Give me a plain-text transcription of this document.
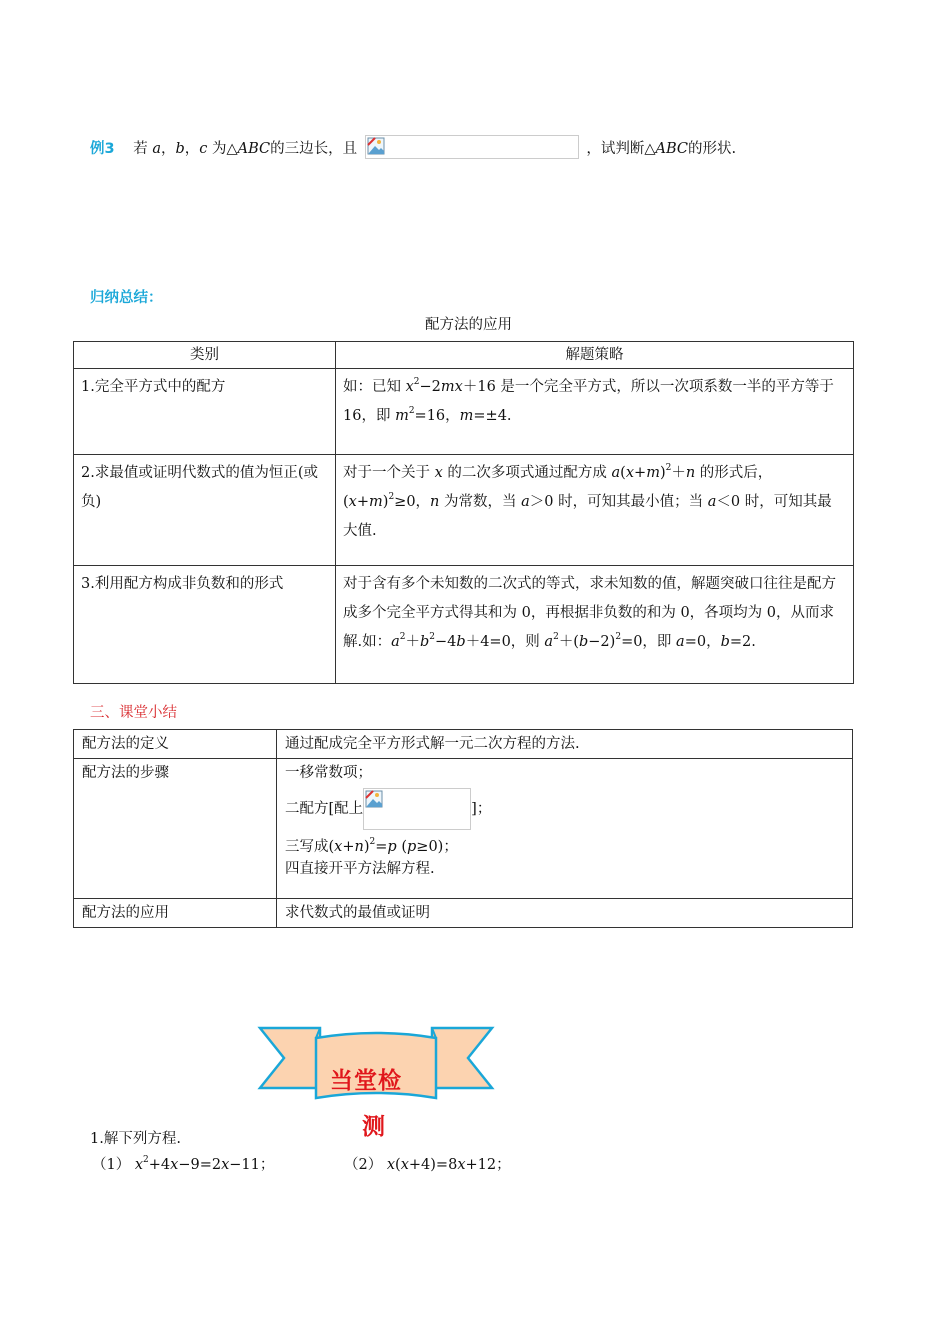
例3 若 a，b，c 为△ABC的三边长，且	，试判断△ABC的形状.
归纳总结：
配方法的应用
类别	解题策略
1.完全平方式中的配方	如：已知 $x^2-2mx+16$ 是一个完全平方式，所以一次项系数一半的平方等于 16，即 $m^2=16$，m=±4.
2.求最值或证明代数式的值为恒正(或负)	对于一个关于 x 的二次多项式通过配方成 $a(x+m)^2+n$ 的形式后，$(x+m)^2\ge 0$，n 为常数，当 a＞0 时，可知其最小值；当 a＜0 时，可知其最大值.
3.利用配方构成非负数和的形式	对于含有多个未知数的二次式的等式，求未知数的值，解题突破口往往是配方成多个完全平方式得其和为 0，再根据非负数的和为 0，各项均为 0，从而求解.如：$a^2+b^2-4b+4=0$，则 $a^2+(b-2)^2=0$，即 a=0，b=2.
三、课堂小结
配方法的定义	通过配成完全平方形式解一元二次方程的方法.
配方法的步骤	一移常数项；
二配方[配上 ]；
三写成$(x+n)^2=p$ (p≥0)；
四直接开平方法解方程.

配方法的应用	求代数式的最值或证明
当堂检
测
1.解下列方程.
（1） $x^2+4x-9=2x-11$；	（2） x(x+4)=8x+12；
